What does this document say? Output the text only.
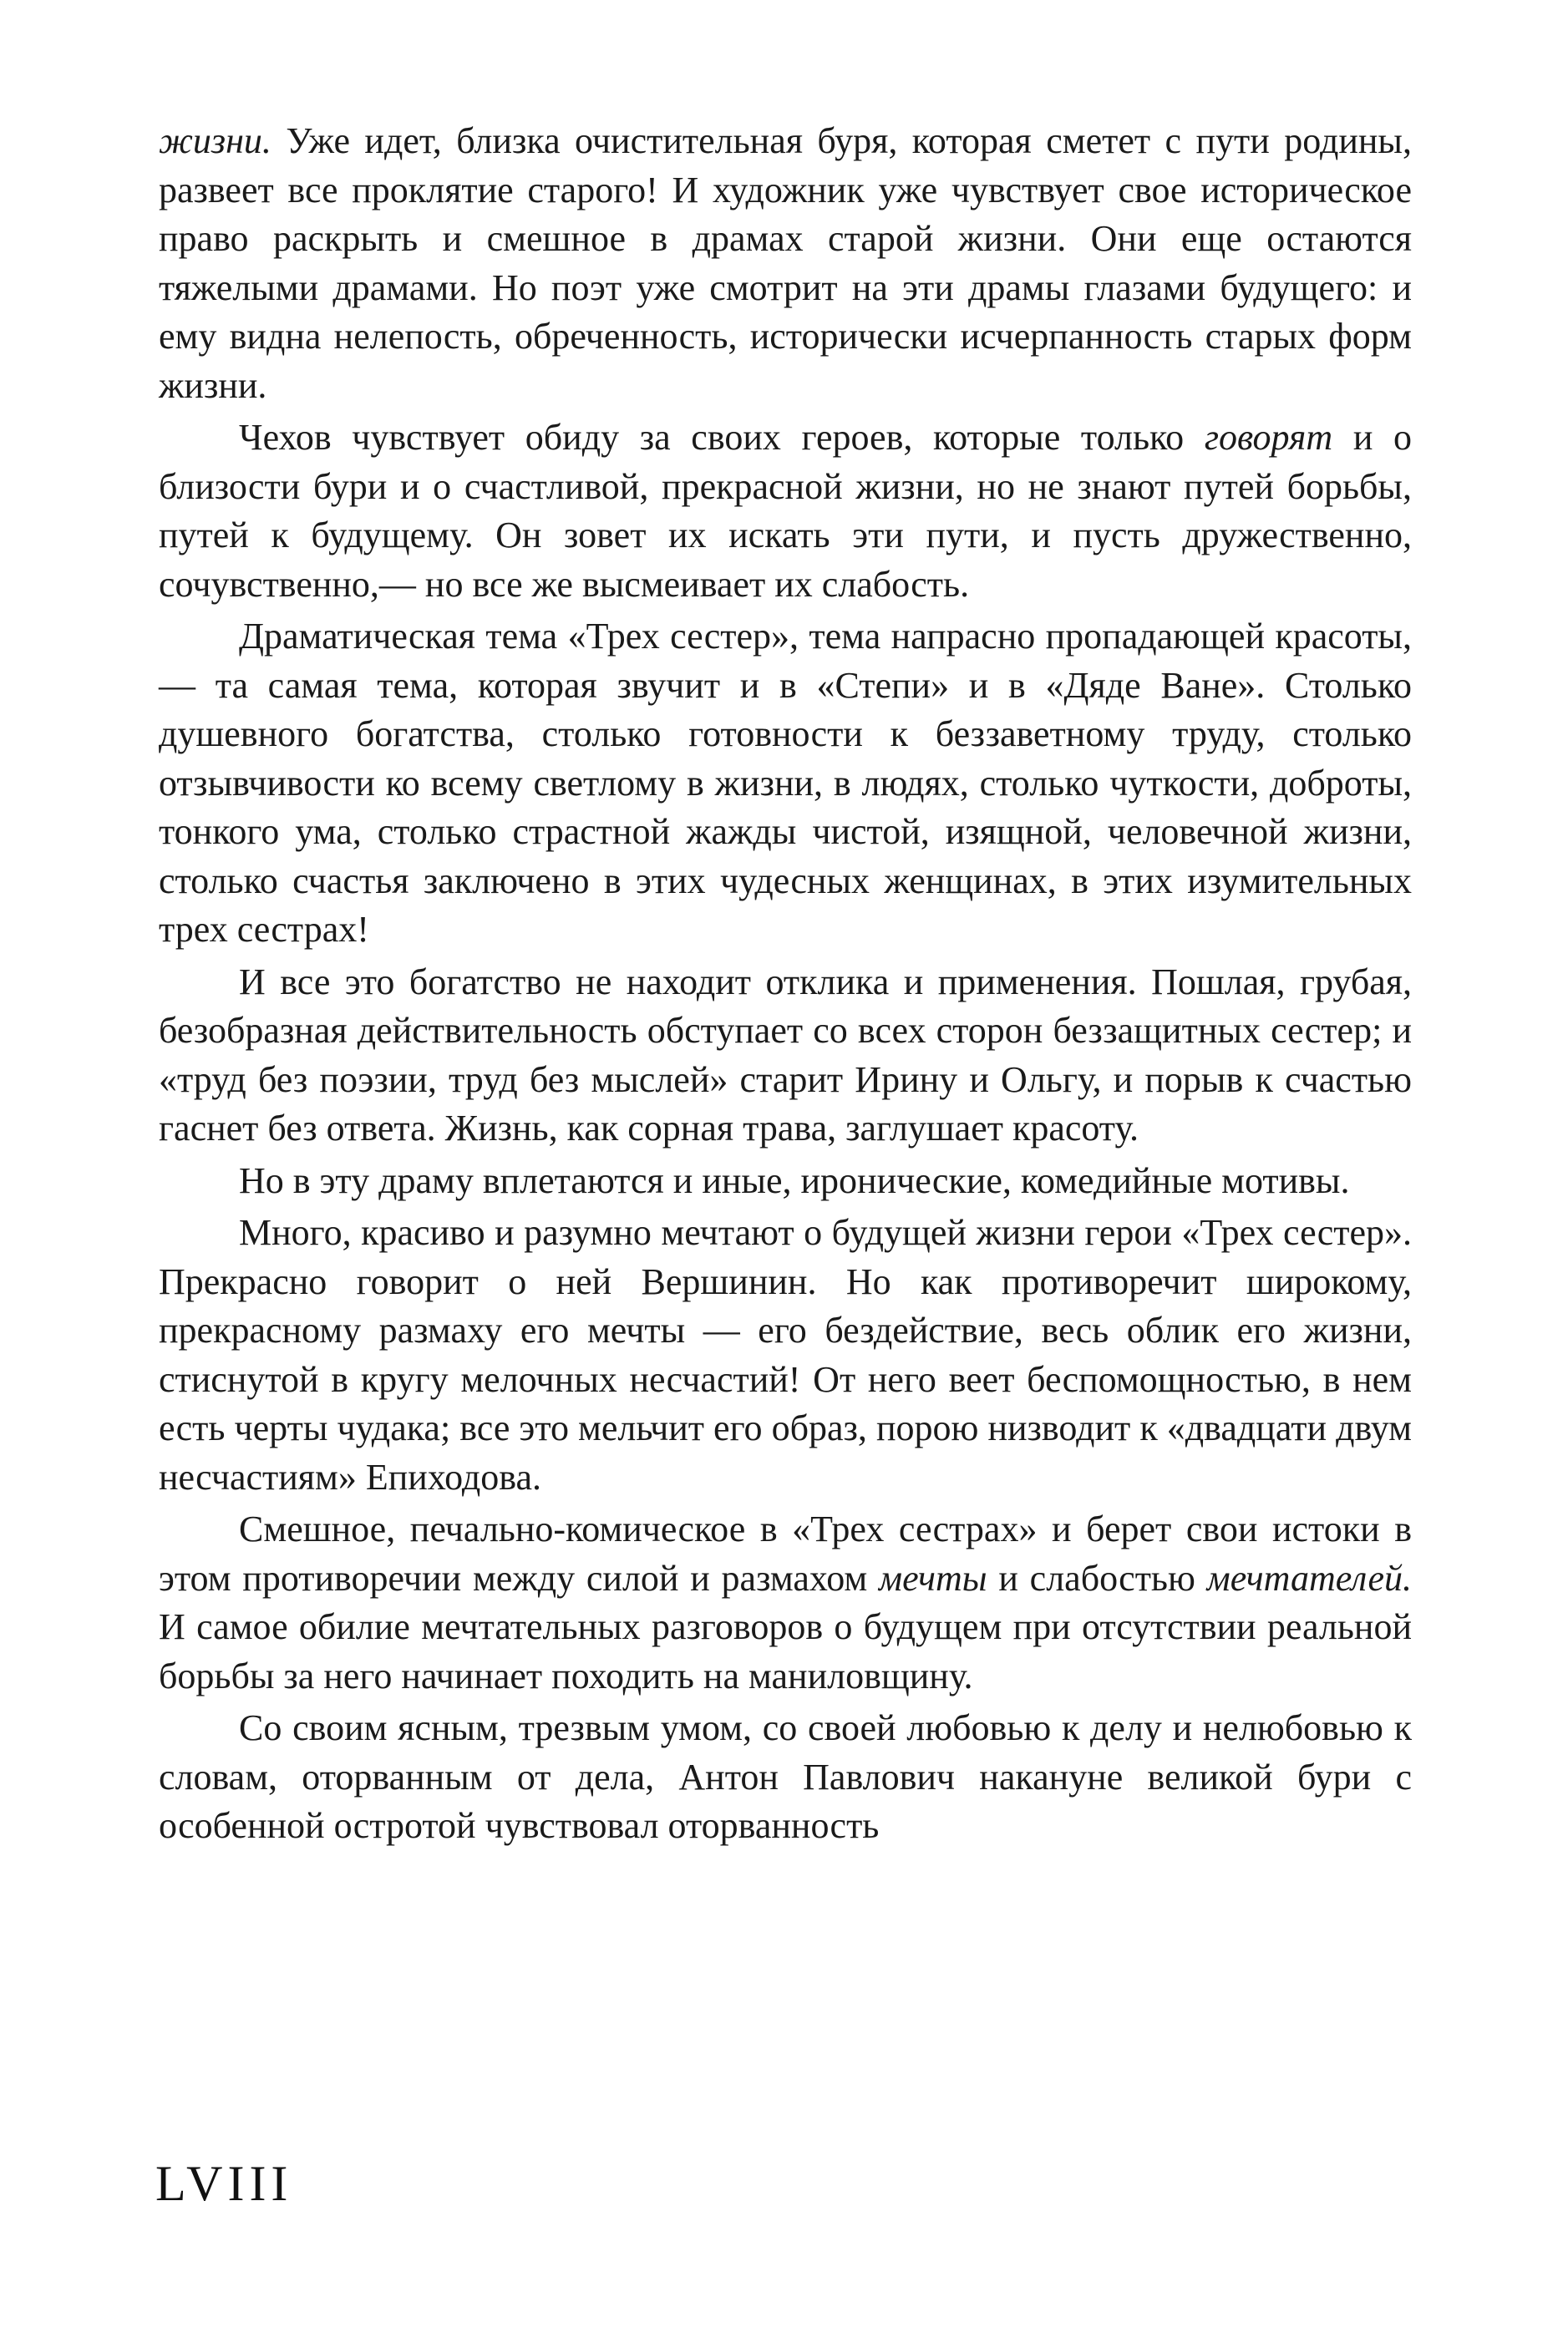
жизни. Уже идет, близка очистительная буря, которая сметет с пути родины, развеет все проклятие старого! И художник уже чувствует свое историческое право раскрыть и смешное в драмах старой жизни. Они еще остаются тяжелыми драмами. Но поэт уже смотрит на эти драмы глазами будущего: и ему видна нелепость, обреченность, исторически исчерпанность старых форм жизни.

Чехов чувствует обиду за своих героев, которые только говорят и о близости бури и о счастливой, прекрасной жизни, но не знают путей борьбы, путей к будущему. Он зовет их искать эти пути, и пусть дружественно, сочувственно,— но все же высмеивает их слабость.

Драматическая тема «Трех сестер», тема напрасно пропадающей красоты,— та самая тема, которая звучит и в «Степи» и в «Дяде Ване». Столько душевного богатства, столько готовности к беззаветному труду, столько отзывчивости ко всему светлому в жизни, в людях, столько чуткости, доброты, тонкого ума, столько страстной жажды чистой, изящной, человечной жизни, столько счастья заключено в этих чудесных женщинах, в этих изумительных трех сестрах!

И все это богатство не находит отклика и применения. Пошлая, грубая, безобразная действительность обступает со всех сторон беззащитных сестер; и «труд без поэзии, труд без мыслей» старит Ирину и Ольгу, и порыв к счастью гаснет без ответа. Жизнь, как сорная трава, заглушает красоту.

Но в эту драму вплетаются и иные, иронические, комедийные мотивы.

Много, красиво и разумно мечтают о будущей жизни герои «Трех сестер». Прекрасно говорит о ней Вершинин. Но как противоречит широкому, прекрасному размаху его мечты — его бездействие, весь облик его жизни, стиснутой в кругу мелочных несчастий! От него веет беспомощностью, в нем есть черты чудака; все это мельчит его образ, порою низводит к «двадцати двум несчастиям» Епиходова.

Смешное, печально-комическое в «Трех сестрах» и берет свои истоки в этом противоречии между силой и размахом мечты и слабостью мечтателей. И самое обилие мечтательных разговоров о будущем при отсутствии реальной борьбы за него начинает походить на маниловщину.

Со своим ясным, трезвым умом, со своей любовью к делу и нелюбовью к словам, оторванным от дела, Антон Павлович накануне великой бури с особенной остротой чувствовал оторванность

LVIII
